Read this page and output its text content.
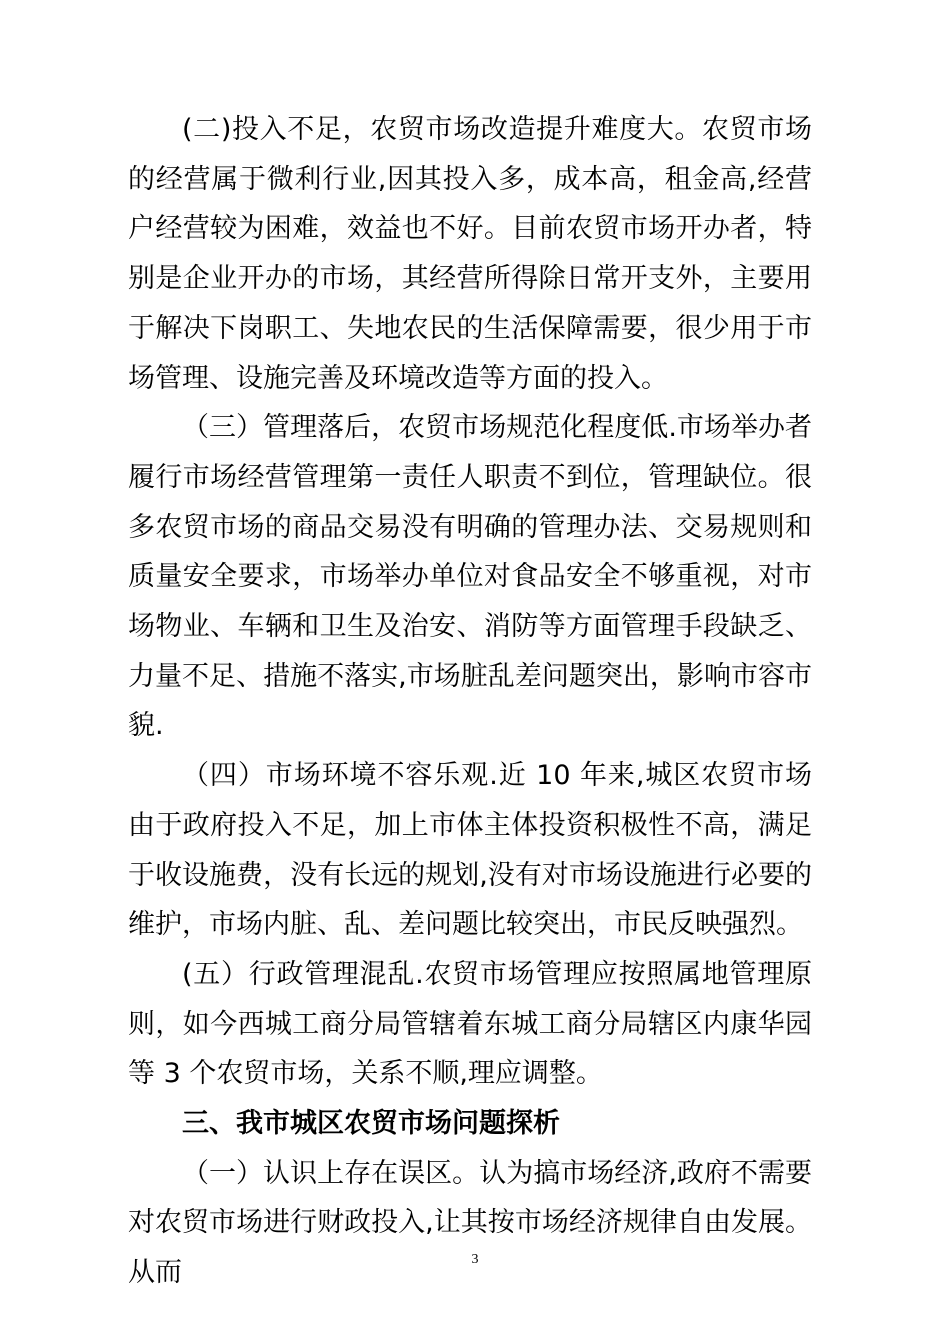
(二)投入不足，农贸市场改造提升难度大。农贸市场的经营属于微利行业,因其投入多，成本高，租金高,经营户经营较为困难，效益也不好。目前农贸市场开办者，特别是企业开办的市场，其经营所得除日常开支外，主要用于解决下岗职工、失地农民的生活保障需要，很少用于市场管理、设施完善及环境改造等方面的投入。

（三）管理落后，农贸市场规范化程度低.市场举办者履行市场经营管理第一责任人职责不到位，管理缺位。很多农贸市场的商品交易没有明确的管理办法、交易规则和质量安全要求，市场举办单位对食品安全不够重视，对市场物业、车辆和卫生及治安、消防等方面管理手段缺乏、力量不足、措施不落实,市场脏乱差问题突出，影响市容市貌.

（四）市场环境不容乐观.近 10 年来,城区农贸市场由于政府投入不足，加上市体主体投资积极性不高，满足于收设施费，没有长远的规划,没有对市场设施进行必要的维护，市场内脏、乱、差问题比较突出，市民反映强烈。

(五）行政管理混乱.农贸市场管理应按照属地管理原则，如今西城工商分局管辖着东城工商分局辖区内康华园等 3 个农贸市场，关系不顺,理应调整。

三、我市城区农贸市场问题探析

（一）认识上存在误区。认为搞市场经济,政府不需要对农贸市场进行财政投入,让其按市场经济规律自由发展。从而	3
